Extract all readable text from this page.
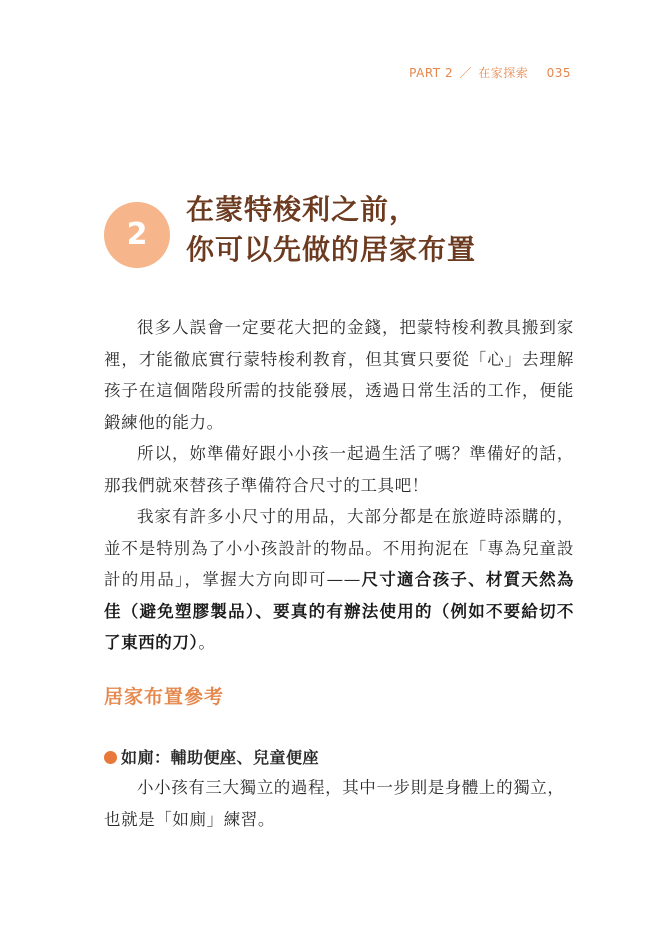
PART 2 ／ 在家探索 035
2
在蒙特梭利之前，
你可以先做的居家布置

很多人誤會一定要花大把的金錢，把蒙特梭利教具搬到家裡，才能徹底實行蒙特梭利教育，但其實只要從「心」去理解孩子在這個階段所需的技能發展，透過日常生活的工作，便能鍛練他的能力。

所以，妳準備好跟小小孩一起過生活了嗎？準備好的話，那我們就來替孩子準備符合尺寸的工具吧！

我家有許多小尺寸的用品，大部分都是在旅遊時添購的，並不是特別為了小小孩設計的物品。不用拘泥在「專為兒童設計的用品」，掌握大方向即可——尺寸適合孩子、材質天然為佳（避免塑膠製品）、要真的有辦法使用的（例如不要給切不了東西的刀）。

居家布置參考
如廁：輔助便座、兒童便座

小小孩有三大獨立的過程，其中一步則是身體上的獨立，也就是「如廁」練習。
